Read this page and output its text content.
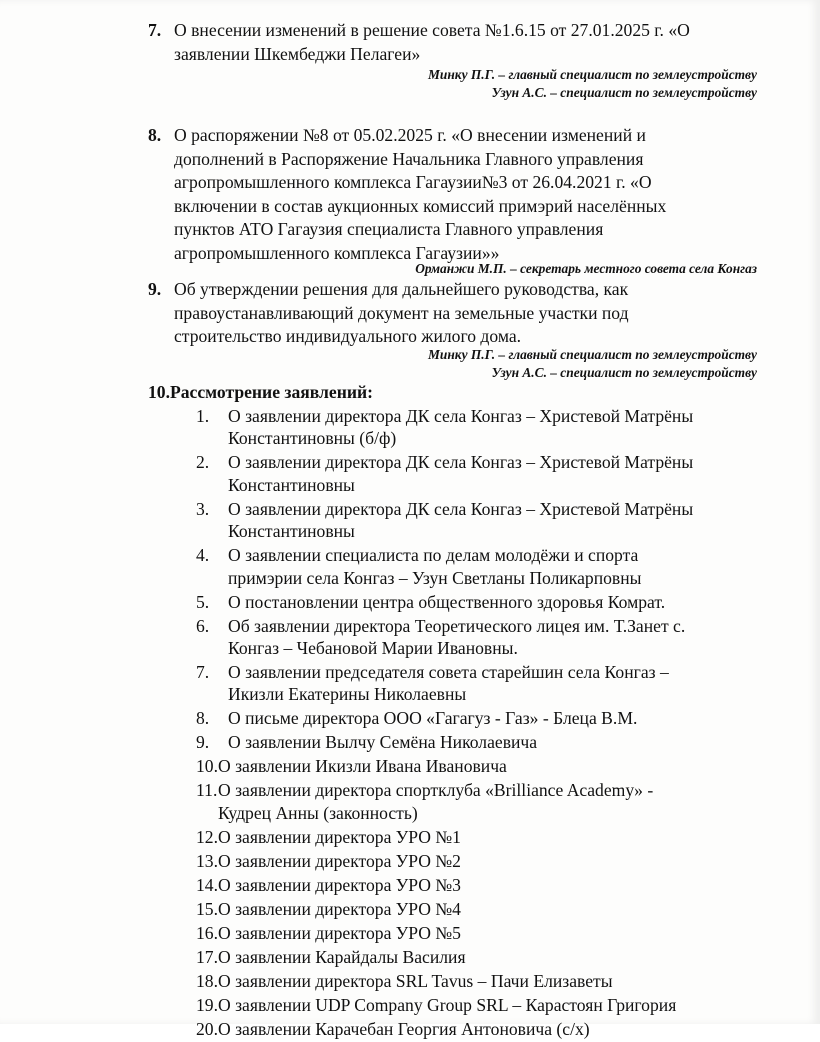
7. О внесении изменений в решение совета №1.6.15 от 27.01.2025 г. «О
заявлении Шкембеджи Пелагеи»
Минку П.Г. – главный специалист по землеустройству
Узун А.С. – специалист по землеустройству
8. О распоряжении №8 от 05.02.2025 г. «О внесении изменений и
дополнений в Распоряжение Начальника Главного управления
агропромышленного комплекса Гагаузии№3 от 26.04.2021 г. «О
включении в состав аукционных комиссий примэрий населённых
пунктов АТО Гагаузия специалиста Главного управления
агропромышленного комплекса Гагаузии»»
Орманжи М.П. – секретарь местного совета села Конгаз
9. Об утверждении решения для дальнейшего руководства, как
правоустанавливающий документ на земельные участки под
строительство индивидуального жилого дома.
Минку П.Г. – главный специалист по землеустройству
Узун А.С. – специалист по землеустройству
10.Рассмотрение заявлений:
1. О заявлении директора ДК села Конгаз – Христевой Матрёны
Константиновны (б/ф)
2. О заявлении директора ДК села Конгаз – Христевой Матрёны
Константиновны
3. О заявлении директора ДК села Конгаз – Христевой Матрёны
Константиновны
4. О заявлении специалиста по делам молодёжи и спорта
примэрии села Конгаз – Узун Светланы Поликарповны
5. О постановлении центра общественного здоровья Комрат.
6. Об заявлении директора Теоретического лицея им. Т.Занет с.
Конгаз – Чебановой Марии Ивановны.
7. О заявлении председателя совета старейшин села Конгаз –
Икизли Екатерины Николаевны
8. О письме директора ООО «Гагагуз - Газ» - Блеца В.М.
9. О заявлении Вылчу Семёна Николаевича
10. О заявлении Икизли Ивана Ивановича
11. О заявлении директора спортклуба «Brilliance Academy» -
Кудрец Анны (законность)
12. О заявлении директора УРО №1
13. О заявлении директора УРО №2
14. О заявлении директора УРО №3
15. О заявлении директора УРО №4
16. О заявлении директора УРО №5
17. О заявлении Карайдалы Василия
18. О заявлении директора SRL Tavus – Пачи Елизаветы
19. О заявлении UDP Company Group SRL – Карастоян Григория
20. О заявлении Карачебан Георгия Антоновича (с/х)
